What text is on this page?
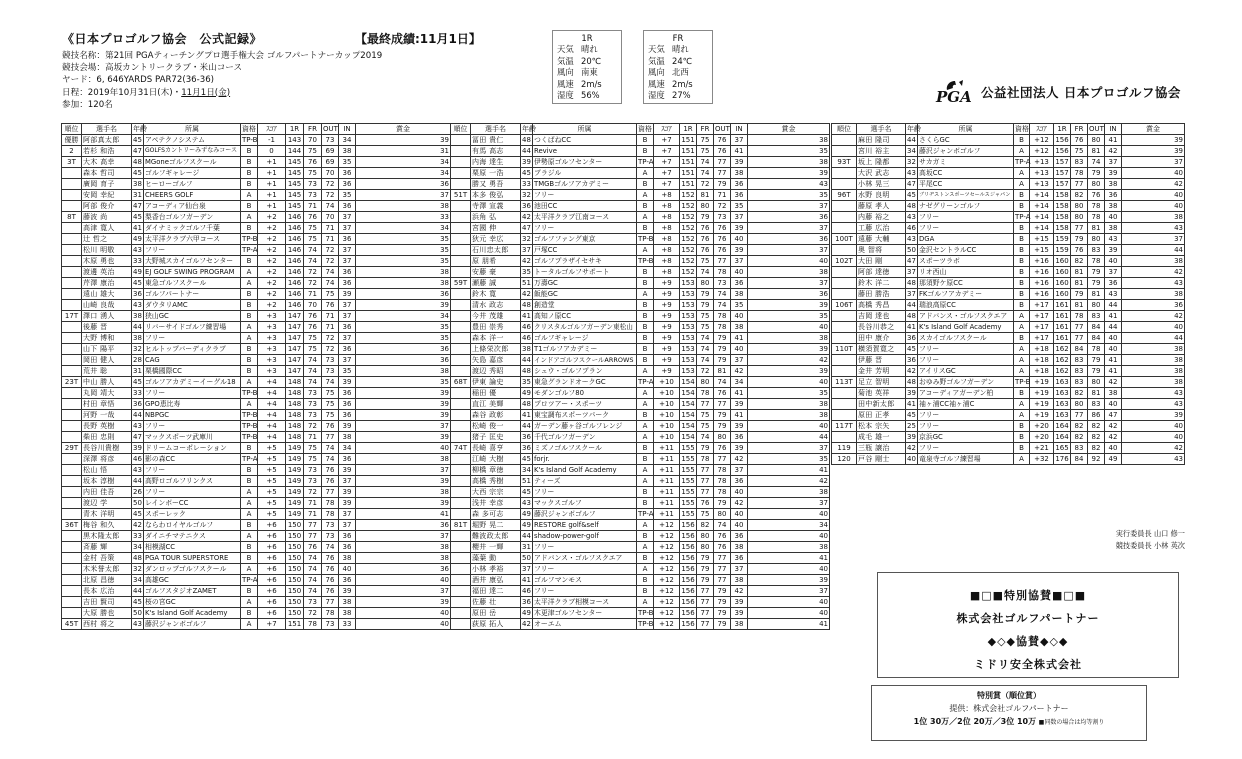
《日本プロゴルフ協会　公式記録》	【最終成績:11月1日】
競技名称：第21回 PGAティーチングプロ選手権大会 ゴルフパートナーカップ2019
競技会場：高坂カントリークラブ・米山コース
ヤード：6, 646YARDS PAR72(36-36)
日程：2019年10月31日(木)・11月1日(金)
参加：120名
1R
天気 晴れ
気温 20℃
風向 南東
風速 2m/s
湿度 56%
FR
天気 晴れ
気温 24℃
風向 北西
風速 2m/s
湿度 27%	PGA 公益社団法人 日本プロゴルフ協会
順位	選手名	年齢	所属	資格	ｽｺｱ	1R	FR	OUT	IN	賞金	
優勝	阿部真太郎	45	アペテクノシステム	TP-B	-1	143	70	73	34	39	
2	若杉 和浩	47	GOLFSカントリーみずなみコース	B	0	144	75	69	38	31	
3T	大木 高幸	48	MGoneゴルフスクール	B	+1	145	76	69	35	34	
	森本 哲司	45	ゴルフギャレージ	B	+1	145	75	70	36	34	
	廣岡 育子	38	ヒーローゴルフ	B	+1	145	73	72	36	36	
	安岡 幸紀	31	CHEERS GOLF	A	+1	145	73	72	35	37	
	阿部 俊介	47	アコーディア仙台泉	B	+1	145	71	74	36	38	
8T	藤波 尚	45	梨香台ゴルフガーデン	A	+2	146	76	70	37	33	
	高津 寛人	41	ダイナミックゴルフ千葉	B	+2	146	75	71	37	34	
	辻 哲之	49	太平洋クラブ六甲コース	TP-B	+2	146	75	71	36	35	
	松川 明敬	43	フリー	TP-A	+2	146	74	72	37	35	
	木原 勇也	33	大野城スカイゴルフセンター	B	+2	146	74	72	37	35	
	渡邊 英治	49	EJ GOLF SWING PROGRAM	A	+2	146	72	74	36	38	
	芹澤 康治	45	東急ゴルフスクール	A	+2	146	72	74	36	38	
	遠山 雄大	36	ゴルフパートナー	B	+2	146	71	75	39	36	
	山崎 良哉	43	ダウタリAMC	B	+2	146	70	76	37	39	
17T	澤口 湧人	38	狭山GC	B	+3	147	76	71	37	34	
	後藤 晋	44	リバーサイドゴルフ練習場	A	+3	147	76	71	36	35	
	大野 博和	38	フリー	A	+3	147	75	72	37	35	
	山下 陽平	32	ヒルトップバーディクラブ	B	+3	147	75	72	36	36	
	岡田 健人	28	CAG	B	+3	147	74	73	37	36	
	荒井 聡	31	栗橋國際CC	B	+3	147	74	73	35	38	
23T	中山 勝人	45	ゴルフアカデミーイーグル18	A	+4	148	74	74	39	35	
	丸岡 靖大	33	フリー	TP-B	+4	148	73	75	36	39	
	村田 章悟	36	GPO恵比寿	A	+4	148	73	75	36	39	
	河野 一哉	44	NBPGC	TP-B	+4	148	73	75	36	39	
	長野 英樹	43	フリー	TP-B	+4	148	72	76	39	37	
	柴田 忠則	47	マックスポーツ武庫川	TP-B	+4	148	71	77	38	39	
29T	長谷川貴樹	39	ドリームコーポレーション	B	+5	149	75	74	34	40	
	深澤 将彦	46	影の森CC	TP-A	+5	149	75	74	36	38	
	松山 悟	43	フリー	B	+5	149	73	76	39	37	
	坂本 淳樹	44	高野ロゴルフリンクス	B	+5	149	73	76	37	39	
	内田 佳吾	26	フリー	A	+5	149	72	77	39	38	
	渡辺 学	50	レインボーCC	A	+5	149	71	78	39	39	
	青木 洋明	45	スポーレック	A	+5	149	71	78	37	41	
36T	梅谷 和久	42	ならわロイヤルゴルフ	B	+6	150	77	73	37	36	
	黒木隆太郎	33	ダイニチマテニクス	A	+6	150	77	73	36	37	
	斉藤 輝	34	相模湖CC	B	+6	150	76	74	36	38	
	金村 吾策	48	PGA TOUR SUPERSTORE	B	+6	150	74	76	38	38	
	木米誉太郎	32	ダンロップゴルフスクール	A	+6	150	74	76	40	36	
	北原 昌徳	34	高雄GC	TP-A	+6	150	74	76	36	40	
	長本 広治	44	ゴルフスタジオZAMET	B	+6	150	74	76	39	37	
	吉田 賢司	45	桜の宮GC	A	+6	150	73	77	38	39	
	大原 勝也	50	K's Island Golf Academy	B	+6	150	72	78	38	40	
45T	西村 将之	43	藤沢ジャンボゴルフ	A	+7	151	78	73	33	40	
順位	選手名	年齢	所属	資格	ｽｺｱ	1R	FR	OUT	IN	賞金	
	冨田 貴仁	48	つくばねCC	B	+7	151	75	76	37	38	
	有馬 高志	44	Revive	B	+7	151	75	76	41	35	
	内海 達生	39	伊勢原ゴルフセンター	TP-A	+7	151	74	77	39	38	
	栗原 一浩	45	ブラジル	A	+7	151	74	77	38	39	
	勝又 勇吾	33	TMGBゴルフアカデミー	B	+7	151	72	79	36	43	
51T	本多 俊弘	32	フリー	A	+8	152	81	71	36	35	
	寺澤 宣義	36	池田CC	B	+8	152	80	72	35	37	
	浜角 弘	42	太平洋クラブ江南コース	A	+8	152	79	73	37	36	
	宮國 伸	47	フリー	B	+8	152	76	76	39	37	
	狄元 幸広	32	ゴルフファング東京	TP-B	+8	152	76	76	40	36	
	石川忠太郎	37	戸塚CC	A	+8	152	76	76	39	37	
	原 朋希	42	ゴルフプラザイセサキ	TP-B	+8	152	75	77	37	40	
	安藤 豪	35	トータルゴルフサポート	B	+8	152	74	78	40	38	
59T	瀬藤 誠	51	万壽GC	B	+9	153	80	73	36	37	
	鈴木 寛	42	飯能GC	A	+9	153	79	74	38	36	
	清水 政志	48	創造堂	B	+9	153	79	74	35	39	
	今井 茂雄	41	高知ノ原CC	B	+9	153	75	78	40	35	
	豊田 崇秀	46	クリスタルゴルフガーデン東松山	B	+9	153	75	78	38	40	
	森本 洋一	46	ゴルフギャレージ	B	+9	153	74	79	41	38	
	上條栄次郎	38	T1ゴルフアカデミー	B	+9	153	74	79	40	39	
	矢島 嘉彦	44	インドアゴルフスクールARROWS	B	+9	153	74	79	37	42	
	渡辺 秀昭	48	シュウ・ゴルフプラン	A	+9	153	72	81	42	39	
68T	伊東 論史	35	東急グランドオークGC	TP-A	+10	154	80	74	34	40	
	稲田 優	49	モダンゴルフ80	A	+10	154	78	76	41	35	
	直江 美輝	48	プロツアー・スポーツ	A	+10	154	77	77	39	38	
	森谷 政彰	41	東宝調布スポーツパーク	B	+10	154	75	79	41	38	
	松崎 俊一	44	ガーデン藤ヶ谷ゴルフレンジ	A	+10	154	75	79	39	40	
	猪子 匡史	36	千代ゴルフガーデン	A	+10	154	74	80	36	44	
74T	長崎 喜亨	36	ミズノゴルフスクール	B	+11	155	79	76	39	37	
	江崎 大樹	45	forjr.	B	+11	155	78	77	42	35	
	柳橋 章徳	34	K's Island Golf Academy	A	+11	155	77	78	37	41	
	高橋 秀樹	51	ティーズ	A	+11	155	77	78	36	42	
	大西 宗宗	45	フリー	B	+11	155	77	78	40	38	
	浅井 幸彦	43	マックスゴルフ	B	+11	155	76	79	42	37	
	森 多可志	49	藤沢ジャンボゴルフ	TP-A	+11	155	75	80	40	40	
81T	堀野 晃二	49	RESTORE golf&self	A	+12	156	82	74	40	34	
	難波政太郎	44	shadow-power-golf	B	+12	156	80	76	36	40	
	櫻井 一輝	31	フリー	A	+12	156	80	76	38	38	
	藻葉 動	50	アドバンス・ゴルフスクエア	B	+12	156	79	77	36	41	
	小林 孝裕	37	フリー	A	+12	156	79	77	37	40	
	酒井 康弘	41	ゴルフマンモス	B	+12	156	79	77	38	39	
	福田 達二	46	フリー	B	+12	156	77	79	42	37	
	佐藤 壮	36	太平洋クラブ相模コース	A	+12	156	77	79	39	40	
	原田 岳	49	木更津ゴルフセンター	TP-B	+12	156	77	79	39	40	
	荻原 拓人	42	オーエム	TP-B	+12	156	77	79	38	41	
順位	選手名	年齢	所属	資格	ｽｺｱ	1R	FR	OUT	IN	賞金	
	麻田 隆司	44	さくらGC	B	+12	156	76	80	41	39	
	宮川 裕主	34	藤沢ジャンボゴルフ	A	+12	156	75	81	42	39	
93T	坂上 隆都	32	サカガミ	TP-A	+13	157	83	74	37	37	
	大沢 武志	43	高坂CC	A	+13	157	78	79	39	40	
	小林 晃三	47	平尾CC	A	+13	157	77	80	38	42	
96T	水野 良明	45	ブリヂストンスポーツセールスジャパン	B	+14	158	82	76	36	40	
	藤原 孝人	48	ナゼグリーンゴルフ	B	+14	158	80	78	38	40	
	内藤 裕之	43	フリー	TP-A	+14	158	80	78	40	38	
	工藤 広治	46	フリー	B	+14	158	77	81	38	43	
100T	遠藤 大輔	43	DGA	B	+15	159	79	80	43	37	
	奥 智将	50	金沢セントラルCC	B	+15	159	76	83	39	44	
102T	大田 剛	47	スポーツラボ	B	+16	160	82	78	40	38	
	阿部 達徳	37	リオ西山	B	+16	160	81	79	37	42	
	鈴木 洋二	48	那須野ケ原CC	B	+16	160	81	79	36	43	
	藤田 勝浩	37	FKゴルフアカデミー	B	+16	160	79	81	43	38	
106T	高橋 秀昌	44	瑞浪高原CC	B	+17	161	81	80	44	36	
	吉岡 達也	48	アドバンス・ゴルフスクエア	A	+17	161	78	83	41	42	
	長谷川恭之	41	K's Island Golf Academy	A	+17	161	77	84	44	40	
	田中 康介	36	スカイゴルフスクール	B	+17	161	77	84	40	44	
110T	横須賀寛之	45	フリー	A	+18	162	84	78	40	38	
	伊藤 晋	36	フリー	A	+18	162	83	79	41	38	
	金井 芳明	42	アイリスGC	A	+18	162	83	79	41	38	
113T	足立 智明	48	おゆみ野ゴルフガーデン	TP-B	+19	163	83	80	42	38	
	菊池 英祥	39	アコーディアガーデン柏	B	+19	163	82	81	38	43	
	田中新太郎	41	袖ヶ浦CC袖ヶ浦C	A	+19	163	80	83	40	43	
	原田 正孝	45	フリー	A	+19	163	77	86	47	39	
117T	松本 宗矢	25	フリー	B	+20	164	82	82	42	40	
	成毛 雄一	39	京浜GC	B	+20	164	82	82	42	40	
119	三瓶 譲治	42	フリー	B	+21	165	83	82	40	42	
120	戸谷 剛士	40	竜泉寺ゴルフ練習場	A	+32	176	84	92	49	43	
実行委員長 山口 修一
競技委員長 小林 英次
■□■特別協賛■□■
株式会社ゴルフパートナー
◆◇◆協賛◆◇◆
ミドリ安全株式会社
特別賞（順位賞）
提供：株式会社ゴルフパートナー
1位 30万／2位 20万／3位 10万 ■同数の場合は均等割り
